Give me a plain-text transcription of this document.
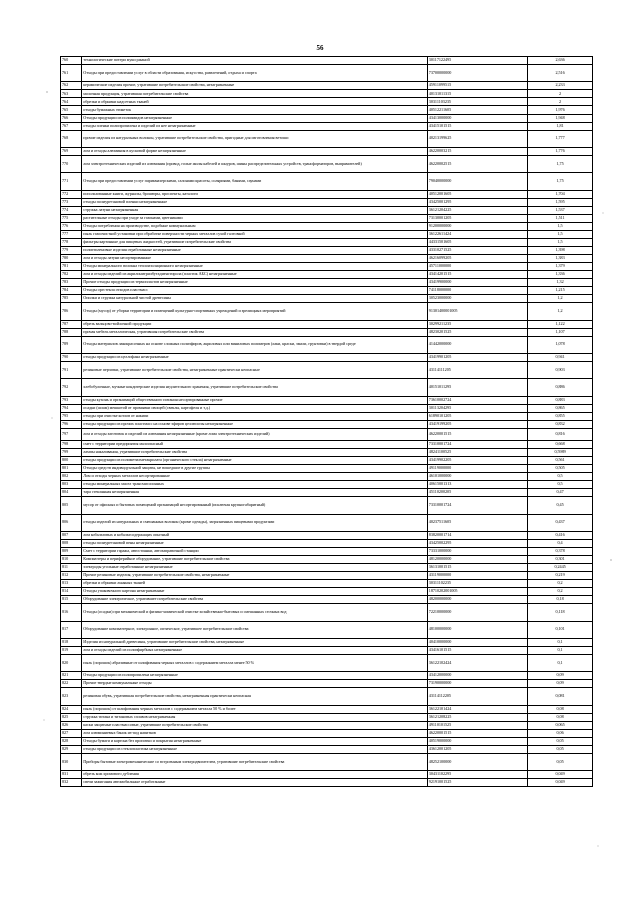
56
760	технологические потери муки ржаной	30117122495	2,636
761	Отходы при предоставлении услуг в области образования, искусства, развлечений, отдыха и спорта	73700000000	2,516
762	керамические изделия прочие, утратившие потребительские свойства, незагрязненные	45911099515	2,233
763	молочная продукция, утратившая потребительские свойства	40131011315	2
764	обрезки и обрывки надсетных тканей	30311103235	2
765	отходы бумажных этикеток	40512211605	1,976
766	Отходы продукции из полиамидов незагрязненные	43413000000	1,948
767	отходы пленки полипропилена и изделий из нее незагрязненные	43415101515	1,81
768	прочие изделия из натуральных волокон, утратившие потребительские свойства, пригодные для изготовления ветоши	40213199625	1,777
769	лом и отходы алюминия в кусковой форме незагрязненные	46220003215	1,776
770	лом электротехнических изделий из алюминия (провод, голые жилы кабелей и шнуров, шины распределительных устройств, трансформаторов, выпрямителей)	46220002515	1,75
771	Отходы при предоставлении услуг парикмахерскими, салонами красоты, соляриями, банями, саунами	79040000000	1,75
772	использованные книги, журналы, брошюры, проспекты, каталоги	40512001605	1,704
773	отходы полиуретановой пленки незагрязненные	43425001295	1,595
774	стружка латуни незагрязненная	36121204225	1,537
775	растительные отходы при уходе за газонами, цветниками	73130001205	1,511
776	Отходы потребления на производстве, подобные коммунальным	91200000000	1,5
777	пыль газоочистной установки при обработке поверхности черных металлов сухой галтовкой	36122611424	1,5
778	фильтры картонные для пищевых жидкостей, утратившие потребительские свойства	44331501605	1,5
779	полиэтиленовые изделия отработанные незагрязненные	43310271525	1,398
780	лом и отходы латуни несортированные	46216099205	1,383
781	Отходы минерального волокна теплоизоляционного незагрязненные	45711000000	1,379
782	лом и отходы изделий из акрилонитрилбутадиенстирола (пластик АБС) незагрязненные	43414201515	1,336
783	Прочие отходы продукции из термопластов незагрязненные	43419900000	1,32
784	Отходы оргстекла отходов пластмасс	74118000000	1,215
785	Опилки и стружка натуральной чистой древесины	30523000000	1,2
786	Отходы (мусор) от уборки территории и помещений культурно-спортивных учреждений и зрелищных мероприятий	91301400001005	1,2
787	обрезь вальцово-войлочной продукции	30299211235	1,122
788	прочая мебель металлическая, утратившая потребительские свойства	48230201525	1,107
789	Отходы материалов лакокрасочных на основе сложных полиэфиров, акриловых или виниловых полимеров (лаки, краски, эмали, грунтовки) в твердой среде	41442000000	1,078
790	отходы продукции из целлофана незагрязненные	43419901205	0,941
791	резиновые перчатки, утратившие потребительские свойства, незагрязненные практически неопасные	43114111205	0,903
792	хлебобулочные, мучные кондитерские изделия недлительного хранения, утратившие потребительские свойства	40151011295	0,886
793	отходы кухонь и организаций общественного питания несортированные прочие	73610002724	0,883
794	осадки (шлам) мешкотой от промывки овощей (свеклы, картофеля и т.д.)	30113204295	0,865
795	отходы при очистке котлов от накипи	61890101205	0,855
796	отходы продукции из прочих пластмасс на основе эфиров целлюлозы незагрязненные	43419199205	0,832
797	лом и отходы заготовок и изделий из алюминия незагрязненные (кроме лома электротехнических изделий)	46220001515	0,816
798	смет с территории предприятия малоопасный	73310001724	0,668
799	лампы накаливания, утратившие потребительские свойства	48241100525	0,5989
800	отходы продукции из полиметилметакрилата (органического стекла) незагрязненные	43419902205	0,561
801	Отходы средств индивидуальной защиты, не вошедшие в другие группы	49119000000	0,505
802	Лом и отходы черных металлов несортированные	46101000000	0,5
803	отходы минеральных масел трансмиссионных	40615001313	0,5
804	тара стеклянная незагрязненная	45110200205	0,47
805	мусор от офисных и бытовых помещений организаций несортированный (исключая крупногабаритный)	73310001724	0,45
806	отходы изделий из натуральных и смешанных волокон (кроме одежды), загрязненных пищевыми продуктами	40237511605	0,437
807	лом кобальтовых и кобальтсодержащих опытный	83820001714	0,416
808	отходы полиуретановой пены незагрязненные	43425002295	0,4
809	Смет с территории гаража, автостоянки, автозаправочной станции	73331000000	0,378
810	Компьютеры и периферийное оборудование, утратившие потребительские свойства	48120000000	0,301
811	электроды угольные отработанные незагрязненные	36131001515	0,2445
812	Прочие резиновые изделия, утратившие потребительские свойства, незагрязненные	43119000000	0,219
813	обрезки и обрывки льняных тканей	30311102235	0,2
814	Отходы упаковочного картона незагрязненные	18710202001005	0,2
815	Оборудование электрическое, утратившее потребительские свойства	48200000000	0,18
816	Отходы (осадки) при механической и физико-химической очистке хозяйственно-бытовых и смешанных сточных вод	72210000000	0,118
817	Оборудование компьютерное, электронное, оптическое, утратившее потребительские свойства	48100000000	0,101
818	Изделия из натуральной древесины, утратившие потребительские свойства, незагрязненные	40410000000	0,1
819	лом и отходы изделий из полиэфирбных незагрязненные	43416101515	0,1
820	пыль (порошок) абразивные от шлифования черных металлов с содержанием металла менее 50 %	36122102424	0,1
821	Отходы продукции из полипропилена незагрязненные	43412000000	0,09
822	Прочие твердые коммунальные отходы	73190000000	0,09
823	резиновая обувь, утратившая потребительские свойства, незагрязненная практически неопасная	43114112205	0,081
824	пыль (порошок) от шлифования черных металлов с содержанием металла 50 % и более	36122101424	0,08
825	стружка титана и титановых сплавов незагрязненная	36121208225	0,08
826	каски защитные пластмассовые, утратившие потребительские свойства	49110101525	0,065
827	лом алюминиевых банок из-под напитков	46220001515	0,06
828	Отходы бумаги и картона без пропитки и покрытия незагрязненные	40519000000	0,05
829	отходы продукции из стеклопластика незагрязненные	43612001205	0,05
830	Приборы бытовые электромеханические со встроенным электродвигателем, утратившие потребительские свойства	48252100000	0,05
831	обрезь кож хромового дубления	30431102295	0,049
832	свечи зажигания автомобильные отработанные	92191001525	0,049
